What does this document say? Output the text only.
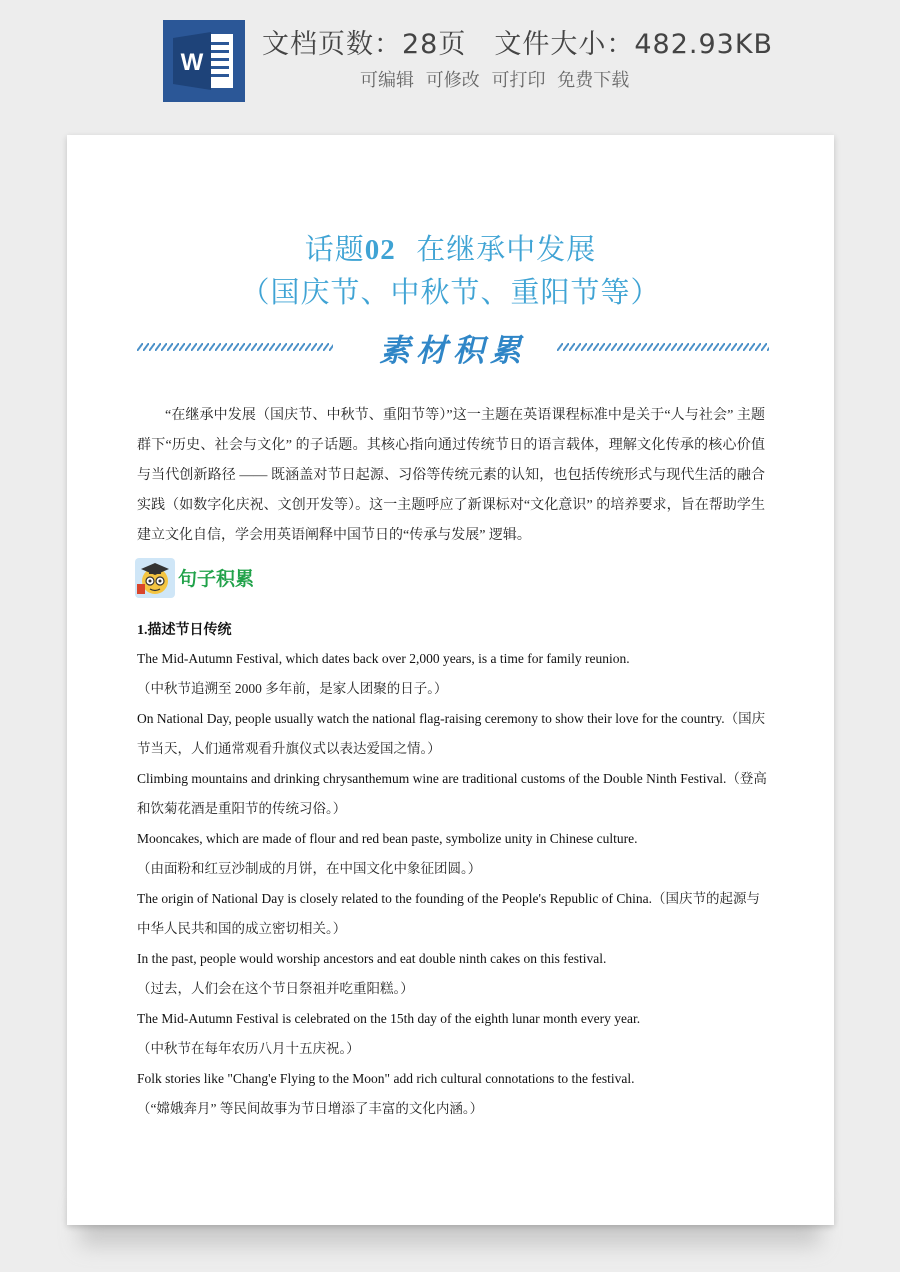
W
文档页数：28页 文件大小：482.93KB
可编辑 可修改 可打印 免费下载
话题02 在继承中发展
（国庆节、中秋节、重阳节等）
素材积累

“在继承中发展（国庆节、中秋节、重阳节等）”这一主题在英语课程标准中是关于“人与社会” 主题群下“历史、社会与文化” 的子话题。其核心指向通过传统节日的语言载体，理解文化传承的核心价值与当代创新路径 —— 既涵盖对节日起源、习俗等传统元素的认知，也包括传统形式与现代生活的融合实践（如数字化庆祝、文创开发等）。这一主题呼应了新课标对“文化意识” 的培养要求，旨在帮助学生建立文化自信，学会用英语阐释中国节日的“传承与发展” 逻辑。

句子积累
1.描述节日传统

The Mid-Autumn Festival, which dates back over 2,000 years, is a time for family reunion.
（中秋节追溯至 2000 多年前，是家人团聚的日子。）

On National Day, people usually watch the national flag-raising ceremony to show their love for the country.（国庆节当天，人们通常观看升旗仪式以表达爱国之情。）

Climbing mountains and drinking chrysanthemum wine are traditional customs of the Double Ninth Festival.（登高和饮菊花酒是重阳节的传统习俗。）

Mooncakes, which are made of flour and red bean paste, symbolize unity in Chinese culture.
（由面粉和红豆沙制成的月饼，在中国文化中象征团圆。）

The origin of National Day is closely related to the founding of the People's Republic of China.（国庆节的起源与中华人民共和国的成立密切相关。）

In the past, people would worship ancestors and eat double ninth cakes on this festival.
（过去，人们会在这个节日祭祖并吃重阳糕。）

The Mid-Autumn Festival is celebrated on the 15th day of the eighth lunar month every year.
（中秋节在每年农历八月十五庆祝。）

Folk stories like "Chang'e Flying to the Moon" add rich cultural connotations to the festival.
（“嫦娥奔月” 等民间故事为节日增添了丰富的文化内涵。）
